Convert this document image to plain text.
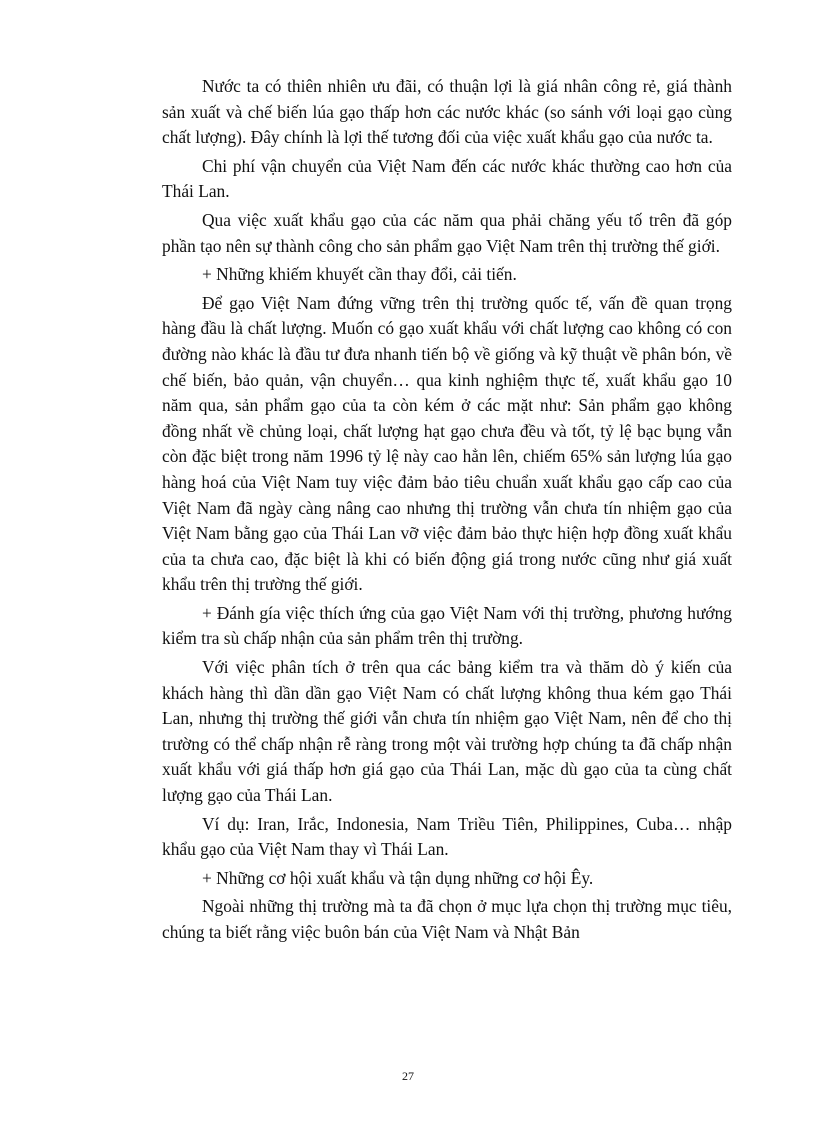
Nước ta có thiên nhiên ưu đãi, có thuận lợi là giá nhân công rẻ, giá thành sản xuất và chế biến lúa gạo thấp hơn các nước khác (so sánh với loại gạo cùng chất lượng). Đây chính là lợi thế tương đối của việc xuất khẩu gạo của nước ta.

Chi phí vận chuyển của Việt Nam đến các nước khác thường cao hơn của Thái Lan.

Qua việc xuất khẩu gạo của các năm qua phải chăng yếu tố trên đã góp phần tạo nên sự thành công cho sản phẩm gạo Việt Nam trên thị trường thế giới.

+ Những khiếm khuyết cần thay đổi, cải tiến.

Để gạo Việt Nam đứng vững trên thị trường quốc tế, vấn đề quan trọng hàng đầu là chất lượng. Muốn có gạo xuất khẩu với chất lượng cao không có con đường nào khác là đầu tư đưa nhanh tiến bộ về giống và kỹ thuật về phân bón, về chế biến, bảo quản, vận chuyển… qua kinh nghiệm thực tế, xuất khẩu gạo 10 năm qua, sản phẩm gạo của ta còn kém ở các mặt như: Sản phẩm gạo không đồng nhất về chủng loại, chất lượng hạt gạo chưa đều và tốt, tỷ lệ bạc bụng vẫn còn đặc biệt trong năm 1996 tỷ lệ này cao hẳn lên, chiếm 65% sản lượng lúa gạo hàng hoá của Việt Nam tuy việc đảm bảo tiêu chuẩn xuất khẩu gạo cấp cao của Việt Nam đã ngày càng nâng cao nhưng thị trường vẫn chưa tín nhiệm gạo của Việt Nam bằng gạo của Thái Lan vỡ việc đảm bảo thực hiện hợp đồng xuất khẩu của ta chưa cao, đặc biệt là khi có biến động giá trong nước cũng như giá xuất khẩu trên thị trường thế giới.

+ Đánh gía việc thích ứng của gạo Việt Nam với thị trường, phương hướng kiểm tra sù chấp nhận của sản phẩm trên thị trường.

Với việc phân tích ở trên qua các bảng kiểm tra và thăm dò ý kiến của khách hàng thì dần dần gạo Việt Nam có chất lượng không thua kém gạo Thái Lan, nhưng thị trường thế giới vẫn chưa tín nhiệm gạo Việt Nam, nên để cho thị trường có thể chấp nhận rễ ràng trong một vài trường hợp chúng ta đã chấp nhận xuất khẩu với giá thấp hơn giá gạo của Thái Lan, mặc dù gạo của ta cùng chất lượng gạo của Thái Lan.

Ví dụ: Iran, Irắc, Indonesia, Nam Triều Tiên, Philippines, Cuba… nhập khẩu gạo của Việt Nam thay vì Thái Lan.

+ Những cơ hội xuất khẩu và tận dụng những cơ hội Êy.

Ngoài những thị trường mà ta đã chọn ở mục lựa chọn thị trường mục tiêu, chúng ta biết rằng việc buôn bán của Việt Nam và Nhật Bản

27
